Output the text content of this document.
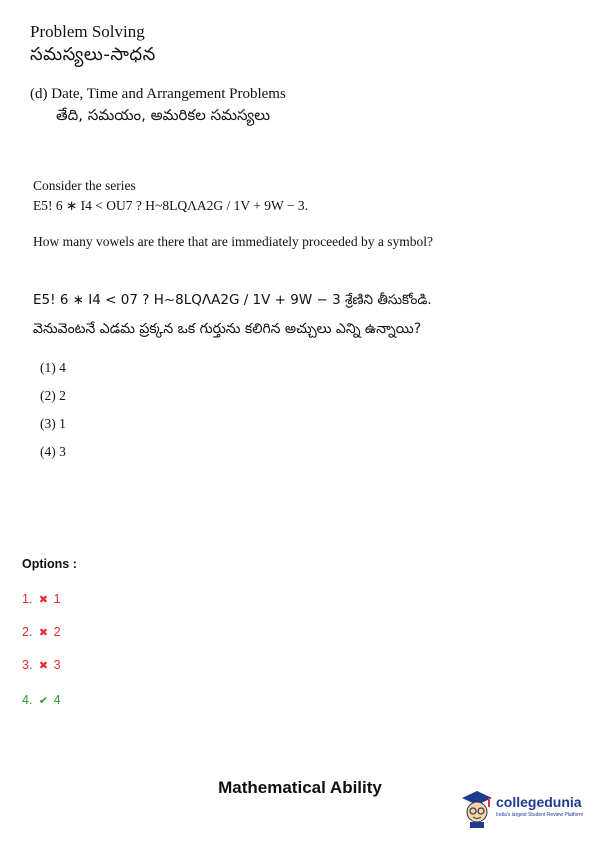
Problem Solving
సమస్యలు-సాధన
(d) Date, Time and Arrangement Problems
తేది, సమయం, అమరికల సమస్యలు
Consider the series
E5! 6 ∗ I4 < OU7 ? H~8LQΛA2G / 1V + 9W − 3.
How many vowels are there that are immediately proceeded by a symbol?
E5! 6 ∗ I4 < 07 ? H~8LQΛA2G / 1V + 9W − 3 శ్రేణిని తీసుకోండి.
వెనువెంటనే ఎడమ ప్రక్కన ఒక గుర్తును కలిగిన అచ్చులు ఎన్ని ఉన్నాయి?
(1) 4
(2) 2
(3) 1
(4) 3
Options :
1. ✖ 1
2. ✖ 2
3. ✖ 3
4. ✔ 4
Mathematical Ability
collegedunia
India's largest Student Review Platform
